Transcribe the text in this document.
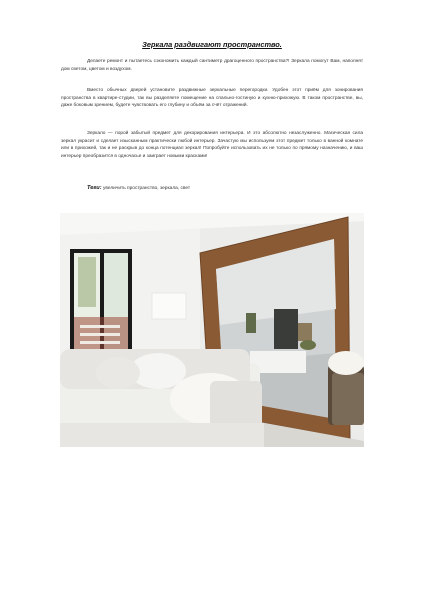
Зеркала раздвигают пространство.

Делаете ремонт и пытаетесь сэкономить каждый сантиметр драгоценного пространства?! Зеркала помогут Вам, наполнят дом светом, цветом и воздухом.

Вместо обычных дверей установите раздвижные зеркальные перегородки. Удобен этот приём для зонирования пространства в квартире-студии, так вы разделяете помещение на спально-гостиную и кухню-прихожую. В таком пространстве, вы, даже боковым зрением, будете чувствовать его глубину и объём за счёт отражений.

Зеркало — порой забытый предмет для декорирования интерьера. И это абсолютно незаслуженно. Магическая сила зеркал украсит и сделает изысканным практически любой интерьер. Зачастую мы используем этот предмет только в ванной комнате или в прихожей, так и не раскрыв до конца потенциал зеркал! Попробуйте использовать их не только по прямому назначению, и ваш интерьер преобразится в одночасье и заиграет новыми красками!

Теги: увеличить пространство, зеркала, свет
